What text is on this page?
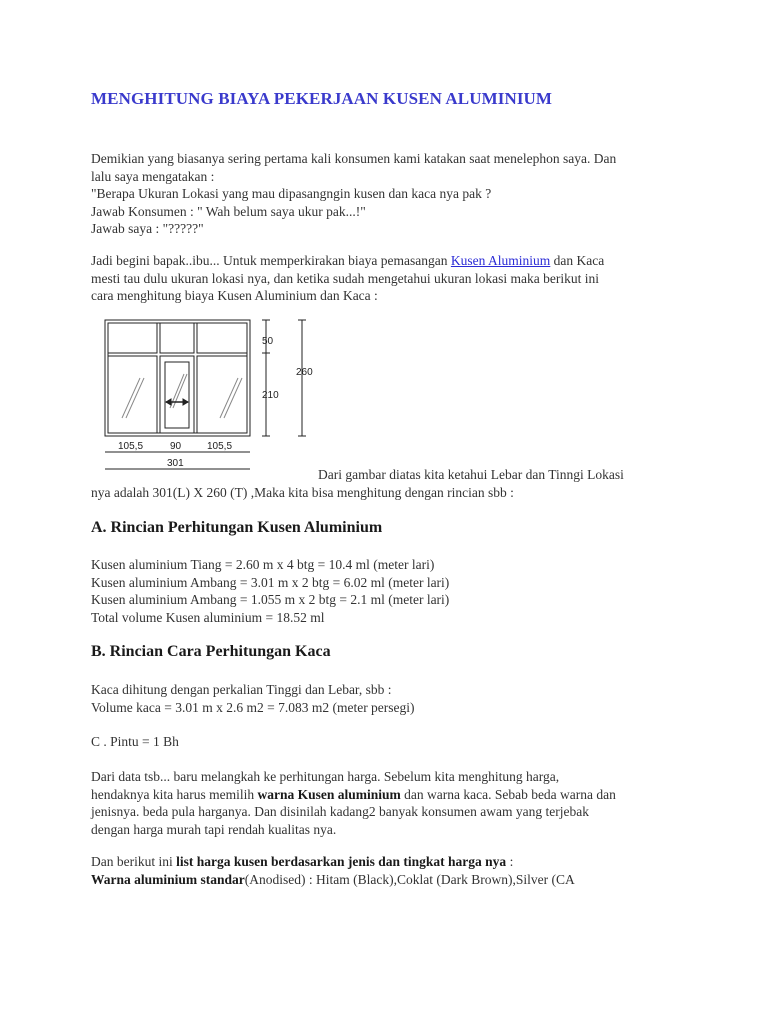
MENGHITUNG BIAYA PEKERJAAN KUSEN ALUMINIUM

Demikian yang biasanya sering pertama kali konsumen kami katakan saat menelephon saya. Dan

lalu saya mengatakan :

"Berapa Ukuran Lokasi yang mau dipasangngin kusen dan kaca nya pak ?

Jawab Konsumen : " Wah belum saya ukur pak...!"

Jawab saya : "?????"

Jadi begini bapak..ibu... Untuk memperkirakan biaya pemasangan Kusen Aluminium dan Kaca

mesti tau dulu ukuran lokasi nya, dan ketika sudah mengetahui ukuran lokasi maka berikut ini

cara menghitung biaya Kusen Aluminium dan Kaca :

50
210
260
105,5	90	105,5
301

Dari gambar diatas kita ketahui Lebar dan Tinngi Lokasi

nya adalah 301(L) X 260 (T) ,Maka kita bisa menghitung dengan rincian sbb :

A. Rincian Perhitungan Kusen Aluminium

Kusen aluminium Tiang = 2.60 m x 4 btg = 10.4 ml (meter lari)

Kusen aluminium Ambang = 3.01 m x 2 btg = 6.02 ml (meter lari)

Kusen aluminium Ambang = 1.055 m x 2 btg = 2.1 ml (meter lari)

Total volume Kusen aluminium = 18.52 ml

B. Rincian Cara Perhitungan Kaca

Kaca dihitung dengan perkalian Tinggi dan Lebar, sbb :

Volume kaca = 3.01 m x 2.6 m2 = 7.083 m2 (meter persegi)

C . Pintu = 1 Bh

Dari data tsb... baru melangkah ke perhitungan harga. Sebelum kita menghitung harga,

hendaknya kita harus memilih warna Kusen aluminium dan warna kaca. Sebab beda warna dan

jenisnya. beda pula harganya. Dan disinilah kadang2 banyak konsumen awam yang terjebak

dengan harga murah tapi rendah kualitas nya.

Dan berikut ini list harga kusen berdasarkan jenis dan tingkat harga nya :

Warna aluminium standar(Anodised) : Hitam (Black),Coklat (Dark Brown),Silver (CA
